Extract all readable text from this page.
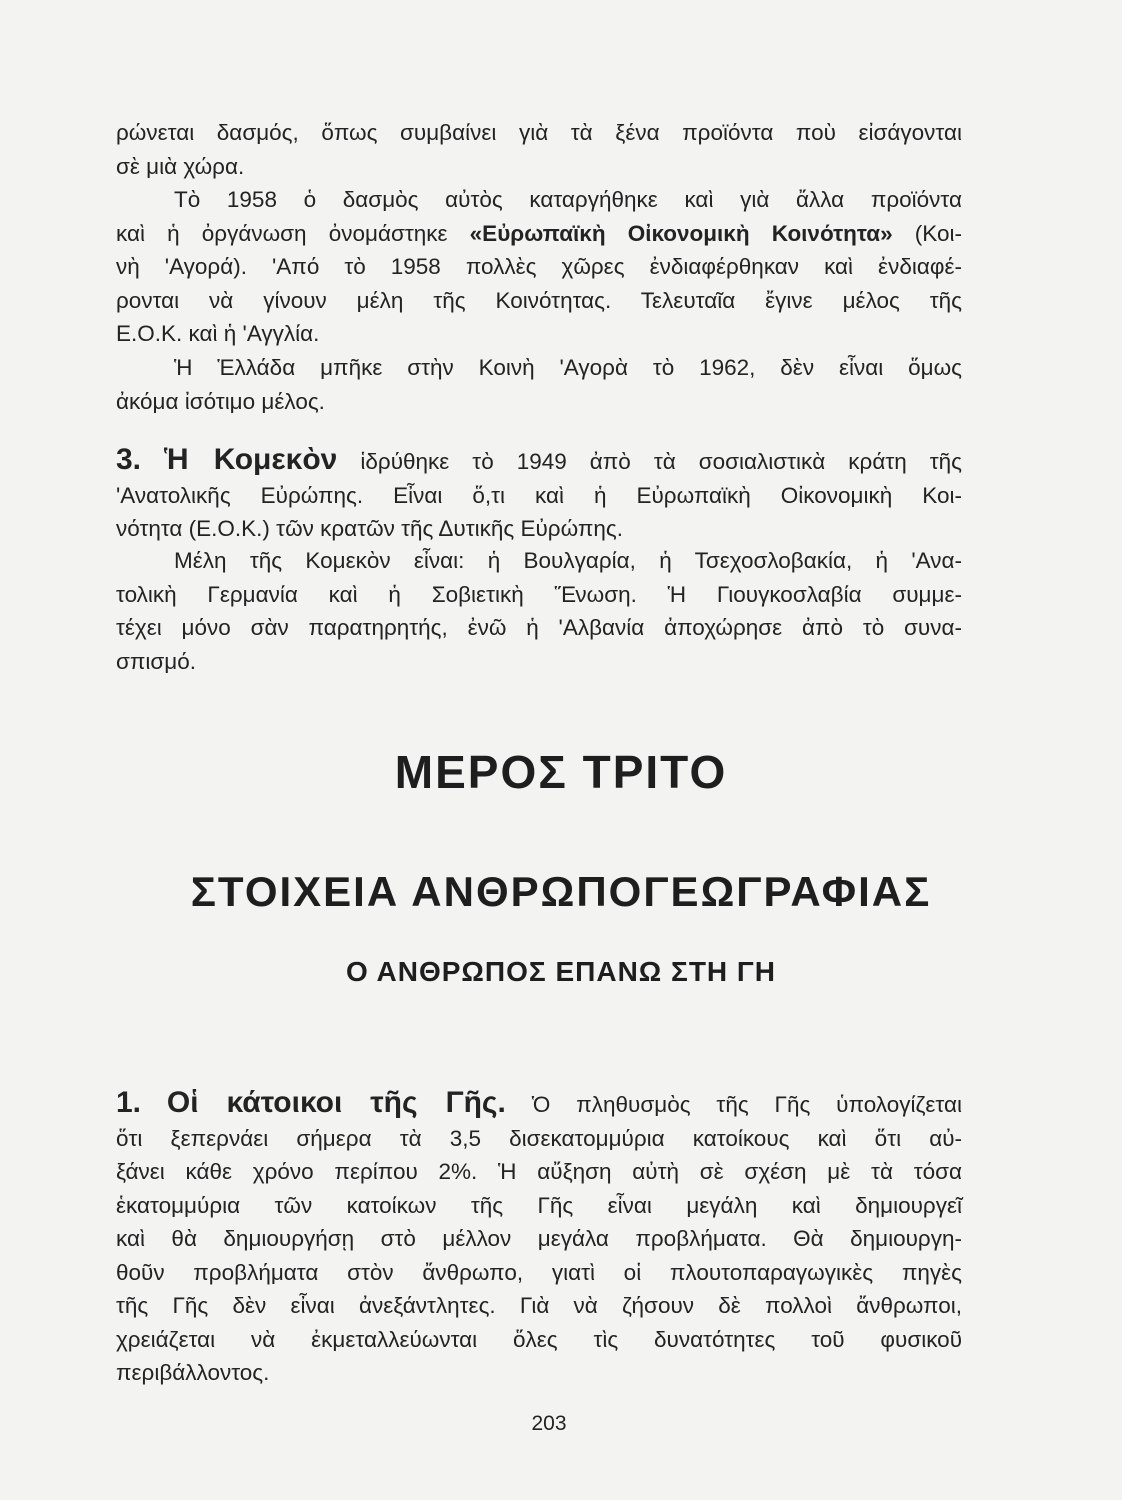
ρώνεται δασμός, ὅπως συμβαίνει γιὰ τὰ ξένα προϊόντα ποὺ εἰσάγονται
σὲ μιὰ χώρα.
Τὸ 1958 ὁ δασμὸς αὐτὸς καταργήθηκε καὶ γιὰ ἄλλα προϊόντα
καὶ ἡ ὀργάνωση ὀνομάστηκε «Εὐρωπαϊκὴ Οἰκονομικὴ Κοινότητα» (Κοι-
νὴ 'Αγορά). 'Από τὸ 1958 πολλὲς χῶρες ἐνδιαφέρθηκαν καὶ ἐνδιαφέ-
ρονται νὰ γίνουν μέλη τῆς Κοινότητας. Τελευταῖα ἔγινε μέλος τῆς
Ε.Ο.Κ. καὶ ἡ 'Αγγλία.
Ἡ Ἑλλάδα μπῆκε στὴν Κοινὴ 'Αγορὰ τὸ 1962, δὲν εἶναι ὅμως
ἀκόμα ἰσότιμο μέλος.
3. Ἡ Κομεκὸν ἱδρύθηκε τὸ 1949 ἀπὸ τὰ σοσιαλιστικὰ κράτη τῆς
'Ανατολικῆς Εὐρώπης. Εἶναι ὅ,τι καὶ ἡ Εὐρωπαϊκὴ Οἰκονομικὴ Κοι-
νότητα (Ε.Ο.Κ.) τῶν κρατῶν τῆς Δυτικῆς Εὐρώπης.
Μέλη τῆς Κομεκὸν εἶναι: ἡ Βουλγαρία, ἡ Τσεχοσλοβακία, ἡ 'Ανα-
τολικὴ Γερμανία καὶ ἡ Σοβιετικὴ Ἕνωση. Ἡ Γιουγκοσλαβία συμμε-
τέχει μόνο σὰν παρατηρητής, ἐνῶ ἡ 'Αλβανία ἀποχώρησε ἀπὸ τὸ συνα-
σπισμό.
ΜΕΡΟΣ ΤΡΙΤΟ
ΣΤΟΙΧΕΙΑ ΑΝΘΡΩΠΟΓΕΩΓΡΑΦΙΑΣ
Ο ΑΝΘΡΩΠΟΣ ΕΠΑΝΩ ΣΤΗ ΓΗ
1. Οἱ κάτοικοι τῆς Γῆς. Ὁ πληθυσμὸς τῆς Γῆς ὑπολογίζεται
ὅτι ξεπερνάει σήμερα τὰ 3,5 δισεκατομμύρια κατοίκους καὶ ὅτι αὐ-
ξάνει κάθε χρόνο περίπου 2%. Ἡ αὔξηση αὐτὴ σὲ σχέση μὲ τὰ τόσα
ἑκατομμύρια τῶν κατοίκων τῆς Γῆς εἶναι μεγάλη καὶ δημιουργεῖ
καὶ θὰ δημιουργήσῃ στὸ μέλλον μεγάλα προβλήματα. Θὰ δημιουργη-
θοῦν προβλήματα στὸν ἄνθρωπο, γιατὶ οἱ πλουτοπαραγωγικὲς πηγὲς
τῆς Γῆς δὲν εἶναι ἀνεξάντλητες. Γιὰ νὰ ζήσουν δὲ πολλοὶ ἄνθρωποι,
χρειάζεται νὰ ἐκμεταλλεύωνται ὅλες τὶς δυνατότητες τοῦ φυσικοῦ
περιβάλλοντος.
203
